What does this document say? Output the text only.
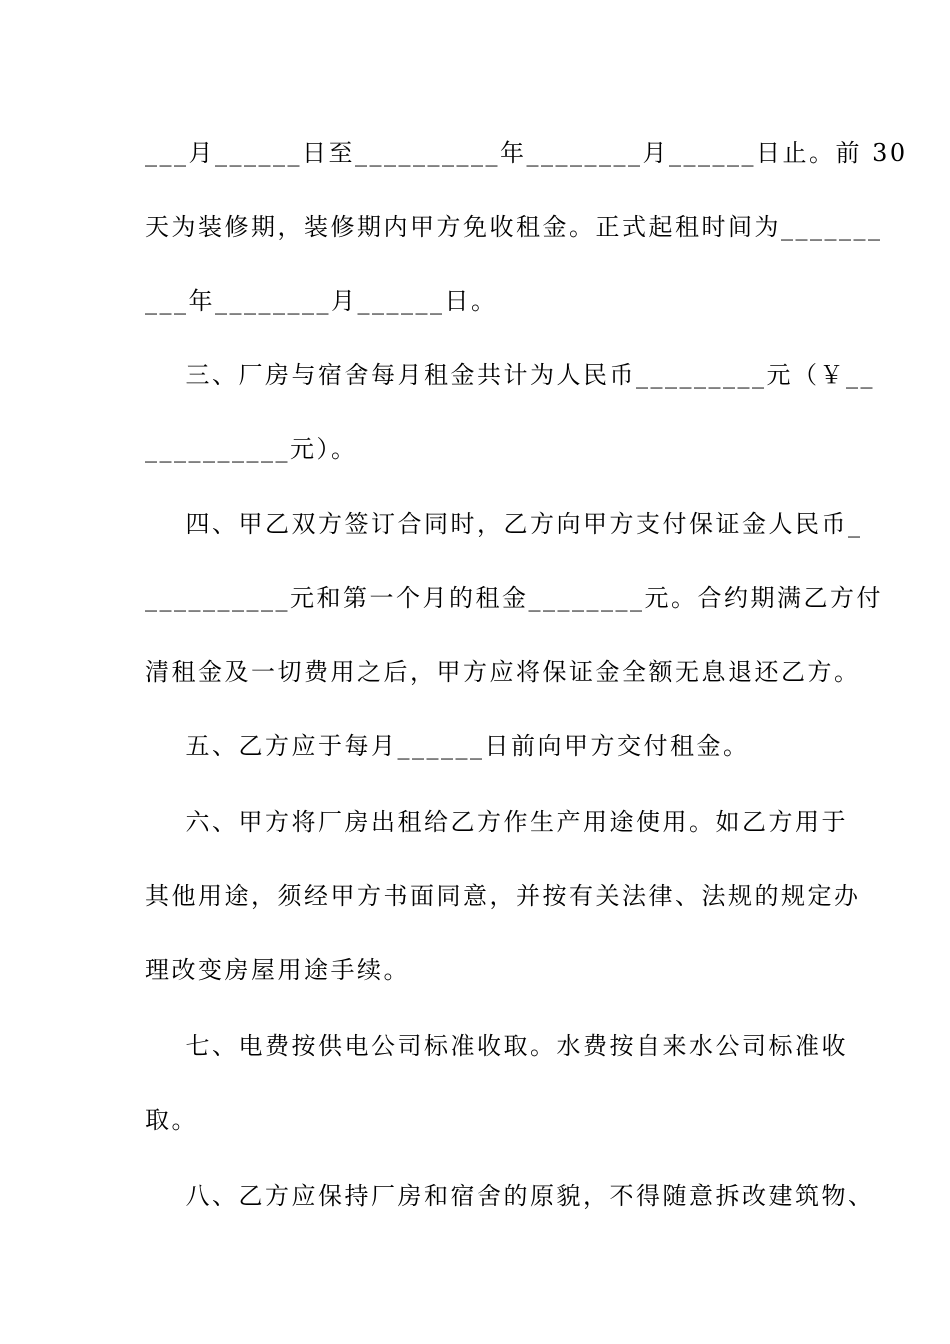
___月______日至__________年________月______日止。前 30
天为装修期，装修期内甲方免收租金。正式起租时间为_______
___年________月______日。
三、厂房与宿舍每月租金共计为人民币_________元（￥__
__________元）。
四、甲乙双方签订合同时，乙方向甲方支付保证金人民币_
__________元和第一个月的租金________元。合约期满乙方付
清租金及一切费用之后，甲方应将保证金全额无息退还乙方。
五、乙方应于每月______日前向甲方交付租金。
六、甲方将厂房出租给乙方作生产用途使用。如乙方用于
其他用途，须经甲方书面同意，并按有关法律、法规的规定办
理改变房屋用途手续。
七、电费按供电公司标准收取。水费按自来水公司标准收
取。
八、乙方应保持厂房和宿舍的原貌，不得随意拆改建筑物、
